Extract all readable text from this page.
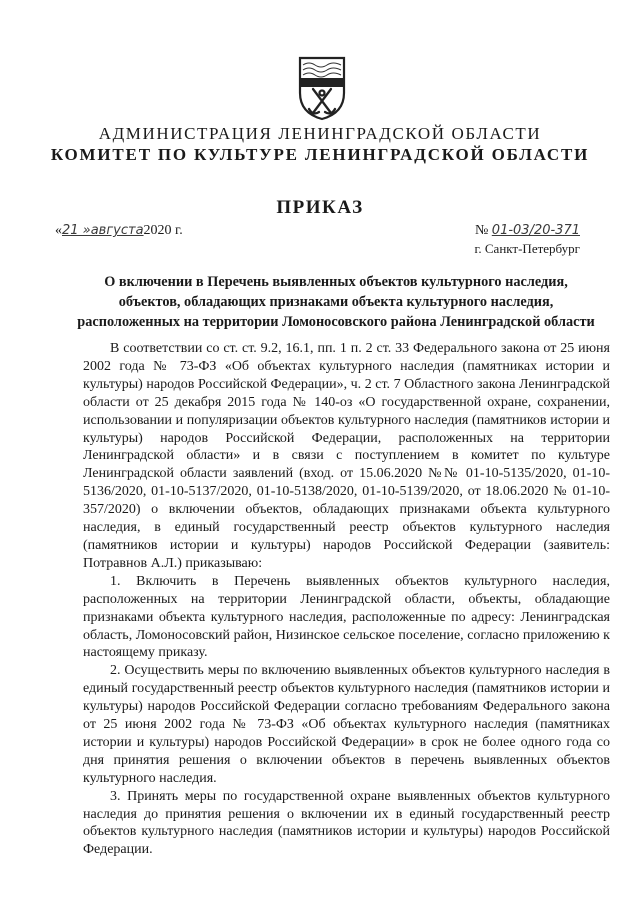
АДМИНИСТРАЦИЯ ЛЕНИНГРАДСКОЙ ОБЛАСТИ
КОМИТЕТ ПО КУЛЬТУРЕ ЛЕНИНГРАДСКОЙ ОБЛАСТИ
ПРИКАЗ
«21 »августа2020 г.	№ 01-03/20-371
г. Санкт-Петербург
О включении в Перечень выявленных объектов культурного наследия,
объектов, обладающих признаками объекта культурного наследия,
расположенных на территории Ломоносовского района Ленинградской области

В соответствии со ст. ст. 9.2, 16.1, пп. 1 п. 2 ст. 33 Федерального закона от 25 июня 2002 года № 73-ФЗ «Об объектах культурного наследия (памятниках истории и культуры) народов Российской Федерации», ч. 2 ст. 7 Областного закона Ленинградской области от 25 декабря 2015 года № 140-оз «О государственной охране, сохранении, использовании и популяризации объектов культурного наследия (памятников истории и культуры) народов Российской Федерации, расположенных на территории Ленинградской области» и в связи с поступлением в комитет по культуре Ленинградской области заявлений (вход. от 15.06.2020 №№ 01-10-5135/2020, 01-10-5136/2020, 01-10-5137/2020, 01-10-5138/2020, 01-10-5139/2020, от 18.06.2020 № 01-10-357/2020) о включении объектов, обладающих признаками объекта культурного наследия, в единый государственный реестр объектов культурного наследия (памятников истории и культуры) народов Российской Федерации (заявитель: Потравнов А.Л.) приказываю:

1. Включить в Перечень выявленных объектов культурного наследия, расположенных на территории Ленинградской области, объекты, обладающие признаками объекта культурного наследия, расположенные по адресу: Ленинградская область, Ломоносовский район, Низинское сельское поселение, согласно приложению к настоящему приказу.

2. Осуществить меры по включению выявленных объектов культурного наследия в единый государственный реестр объектов культурного наследия (памятников истории и культуры) народов Российской Федерации согласно требованиям Федерального закона от 25 июня 2002 года № 73-ФЗ «Об объектах культурного наследия (памятниках истории и культуры) народов Российской Федерации» в срок не более одного года со дня принятия решения о включении объектов в перечень выявленных объектов культурного наследия.

3. Принять меры по государственной охране выявленных объектов культурного наследия до принятия решения о включении их в единый государственный реестр объектов культурного наследия (памятников истории и культуры) народов Российской Федерации.
